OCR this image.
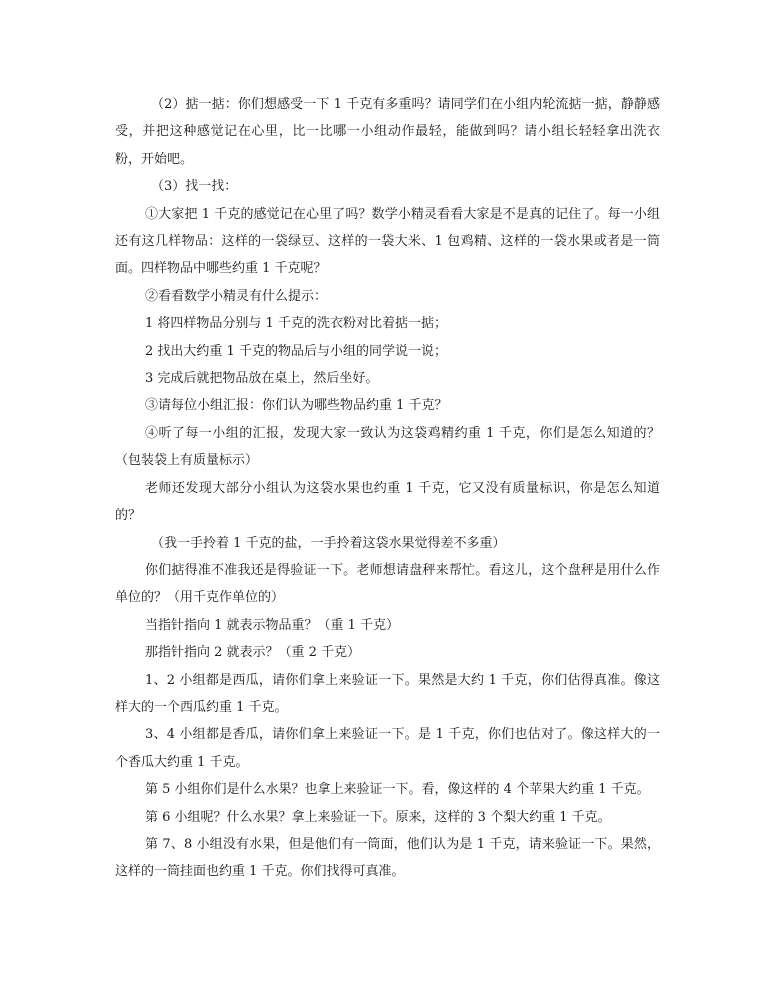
（2）掂一掂：你们想感受一下 1 千克有多重吗？请同学们在小组内轮流掂一掂，静静感受，并把这种感觉记在心里，比一比哪一小组动作最轻，能做到吗？请小组长轻轻拿出洗衣粉，开始吧。

（3）找一找：

①大家把 1 千克的感觉记在心里了吗？数学小精灵看看大家是不是真的记住了。每一小组还有这几样物品：这样的一袋绿豆、这样的一袋大米、1 包鸡精、这样的一袋水果或者是一筒面。四样物品中哪些约重 1 千克呢？

②看看数学小精灵有什么提示：

1 将四样物品分别与 1 千克的洗衣粉对比着掂一掂；

2 找出大约重 1 千克的物品后与小组的同学说一说；

3 完成后就把物品放在桌上，然后坐好。

③请每位小组汇报：你们认为哪些物品约重 1 千克？

④听了每一小组的汇报，发现大家一致认为这袋鸡精约重 1 千克，你们是怎么知道的？（包装袋上有质量标示）

老师还发现大部分小组认为这袋水果也约重 1 千克，它又没有质量标识，你是怎么知道的？

（我一手拎着 1 千克的盐，一手拎着这袋水果觉得差不多重）

你们掂得准不准我还是得验证一下。老师想请盘秤来帮忙。看这儿，这个盘秤是用什么作单位的？（用千克作单位的）

当指针指向 1 就表示物品重？（重 1 千克）

那指针指向 2 就表示？（重 2 千克）

1、2 小组都是西瓜，请你们拿上来验证一下。果然是大约 1 千克，你们估得真准。像这样大的一个西瓜约重 1 千克。

3、4 小组都是香瓜，请你们拿上来验证一下。是 1 千克，你们也估对了。像这样大的一个香瓜大约重 1 千克。

第 5 小组你们是什么水果？也拿上来验证一下。看，像这样的 4 个苹果大约重 1 千克。

第 6 小组呢？什么水果？拿上来验证一下。原来，这样的 3 个梨大约重 1 千克。

第 7、8 小组没有水果，但是他们有一筒面，他们认为是 1 千克，请来验证一下。果然，这样的一筒挂面也约重 1 千克。你们找得可真准。
